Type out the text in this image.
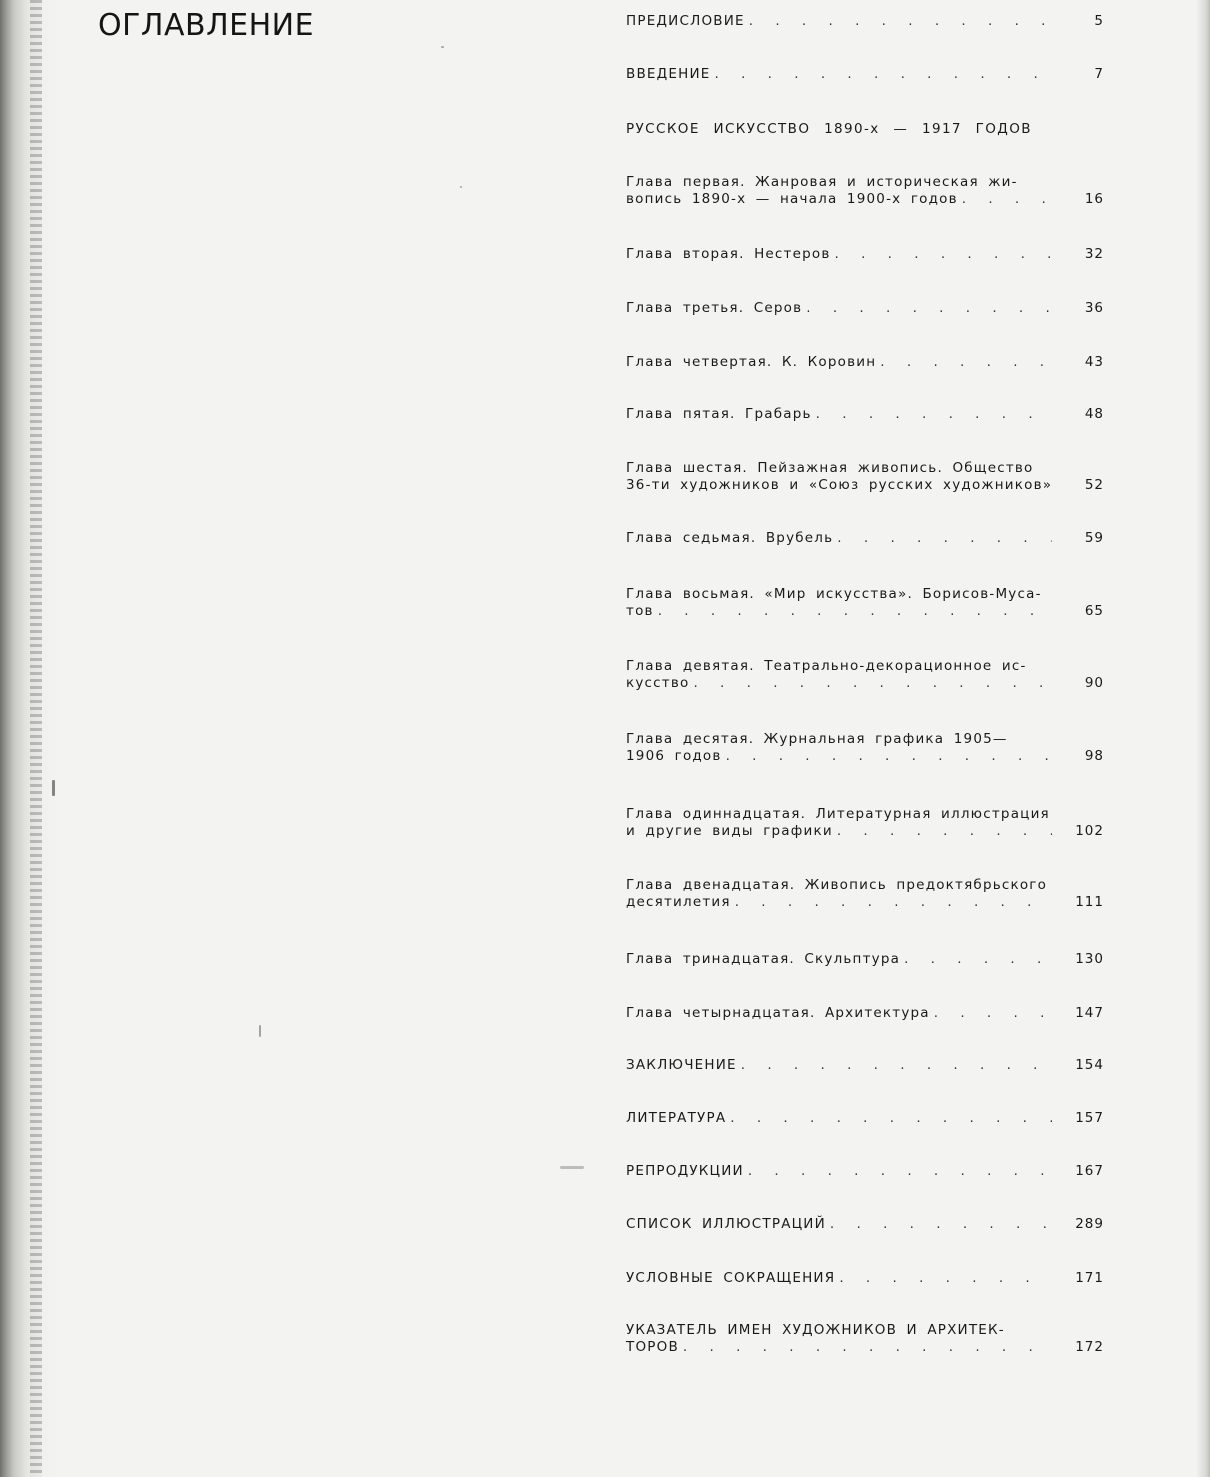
ОГЛАВЛЕНИЕ
РУССКОЕ ИСКУССТВО 1890-х — 1917 ГОДОВ
ПРЕДИСЛОВИЕ . . .	5
ВВЕДЕНИЕ . . .	7
Глава первая. Жанровая и историческая жи-
вопись 1890-х — начала 1900-х годов . . .	16
Глава вторая. Нестеров . . .	32
Глава третья. Серов . . .	36
Глава четвертая. К. Коровин . . .	43
Глава пятая. Грабарь . . .	48
Глава шестая. Пейзажная живопись. Общество
36-ти художников и «Союз русских художников»	52
Глава седьмая. Врубель . . .	59
Глава восьмая. «Мир искусства». Борисов-Муса-
тов . . .	65
Глава девятая. Театрально-декорационное ис-
кусство . . .	90
Глава десятая. Журнальная графика 1905—
1906 годов . . .	98
Глава одиннадцатая. Литературная иллюстрация
и другие виды графики . . .	102
Глава двенадцатая. Живопись предоктябрьского
десятилетия . . .	111
Глава тринадцатая. Скульптура . . .	130
Глава четырнадцатая. Архитектура . . .	147
ЗАКЛЮЧЕНИЕ . . .	154
ЛИТЕРАТУРА . . .	157
РЕПРОДУКЦИИ . . .	167
СПИСОК ИЛЛЮСТРАЦИЙ . . .	289
УСЛОВНЫЕ СОКРАЩЕНИЯ . . .	171
УКАЗАТЕЛЬ ИМЕН ХУДОЖНИКОВ И АРХИТЕК-
ТОРОВ . . .	172
